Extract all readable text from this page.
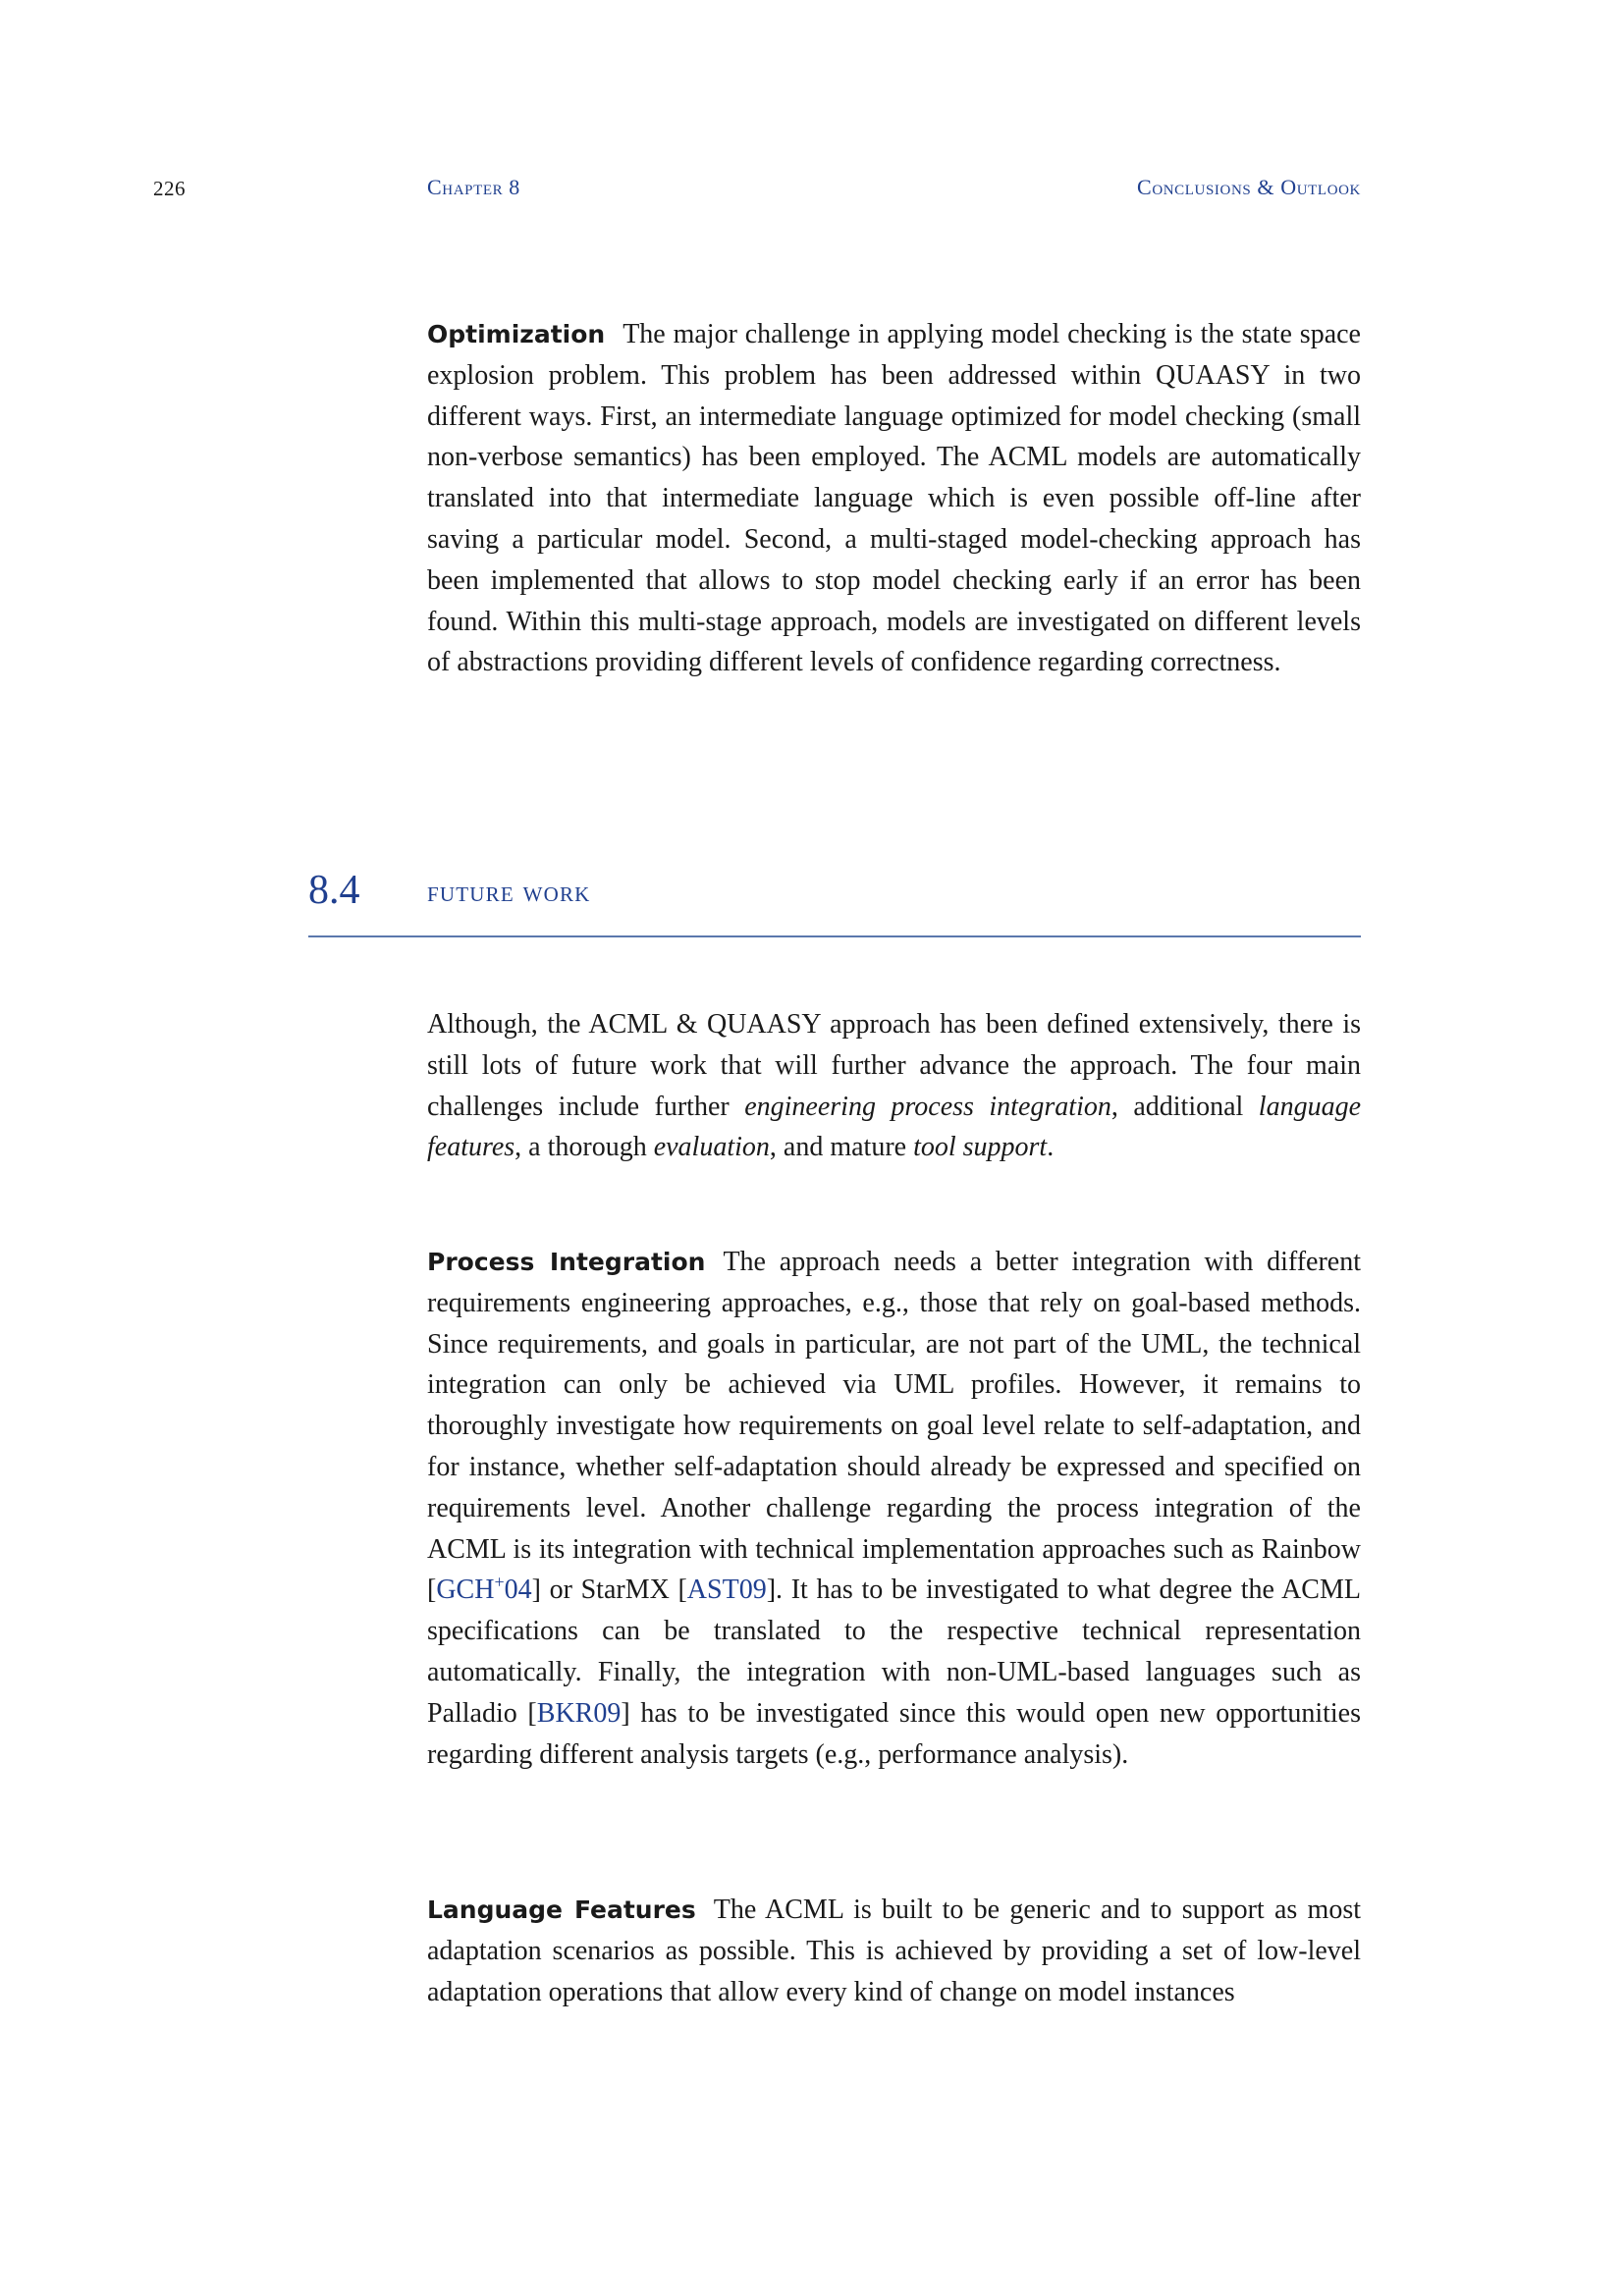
226	Chapter 8	Conclusions & Outlook
Optimization The major challenge in applying model checking is the state space explosion problem. This problem has been addressed within QUAASY in two different ways. First, an intermediate language optimized for model checking (small non-verbose semantics) has been employed. The ACML models are automatically translated into that intermediate language which is even possible off-line after saving a particular model. Second, a multi-staged model-checking approach has been implemented that allows to stop model checking early if an error has been found. Within this multi-stage approach, models are investigated on different levels of abstractions providing different levels of confidence regarding correctness.
8.4 future work
Although, the ACML & QUAASY approach has been defined extensively, there is still lots of future work that will further advance the approach. The four main challenges include further engineering process integration, additional language features, a thorough evaluation, and mature tool support.
Process Integration The approach needs a better integration with different requirements engineering approaches, e.g., those that rely on goal-based methods. Since requirements, and goals in particular, are not part of the UML, the technical integration can only be achieved via UML profiles. However, it remains to thoroughly investigate how requirements on goal level relate to self-adaptation, and for instance, whether self-adaptation should already be expressed and specified on requirements level. Another challenge regarding the process integration of the ACML is its integration with technical implementation approaches such as Rainbow [GCH+04] or StarMX [AST09]. It has to be investigated to what degree the ACML specifications can be translated to the respective technical representation automatically. Finally, the integration with non-UML-based languages such as Palladio [BKR09] has to be investigated since this would open new opportunities regarding different analysis targets (e.g., performance analysis).
Language Features The ACML is built to be generic and to support as most adaptation scenarios as possible. This is achieved by providing a set of low-level adaptation operations that allow every kind of change on model instances
